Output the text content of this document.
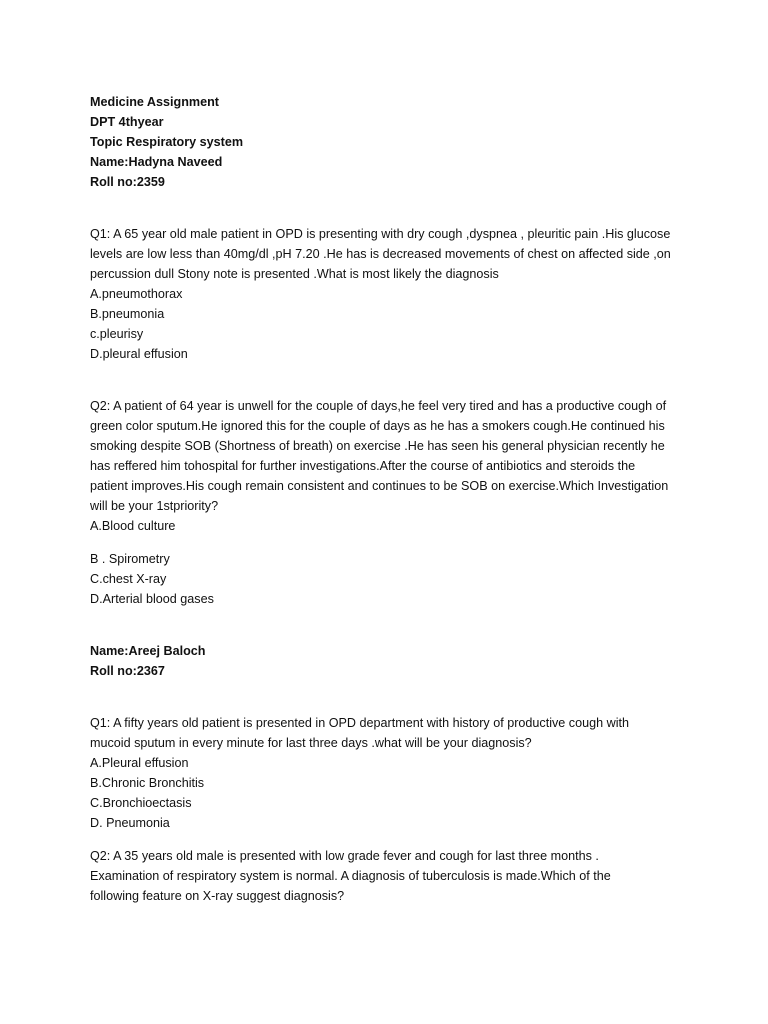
Medicine Assignment
DPT 4thyear
Topic Respiratory system
Name:Hadyna Naveed
Roll no:2359
Q1: A 65 year old male patient in OPD is presenting with dry cough ,dyspnea , pleuritic pain .His glucose
levels are low less than 40mg/dl ,pH 7.20 .He has is decreased movements of chest on affected side ,on
percussion dull Stony note is presented .What is most likely the diagnosis
A.pneumothorax
B.pneumonia
c.pleurisy
D.pleural effusion
Q2: A patient of 64 year is unwell for the couple of days,he feel very tired and has a productive cough of
green color sputum.He ignored this for the couple of days as he has a smokers cough.He continued his
smoking despite SOB (Shortness of breath) on exercise .He has seen his general physician recently he
has reffered him tohospital for further investigations.After the course of antibiotics and steroids the
patient improves.His cough remain consistent and continues to be SOB on exercise.Which Investigation
will be your 1stpriority?
A.Blood culture
B . Spirometry
C.chest X-ray
D.Arterial blood gases
Name:Areej Baloch
Roll no:2367
Q1: A fifty years old patient is presented in OPD department with history of productive cough with
mucoid sputum in every minute for last three days .what will be your diagnosis?
A.Pleural effusion
B.Chronic Bronchitis
C.Bronchioectasis
D. Pneumonia
Q2: A 35 years old male is presented with low grade fever and cough for last three months .
Examination of respiratory system is normal. A diagnosis of tuberculosis is made.Which of the
following feature on X-ray suggest diagnosis?
